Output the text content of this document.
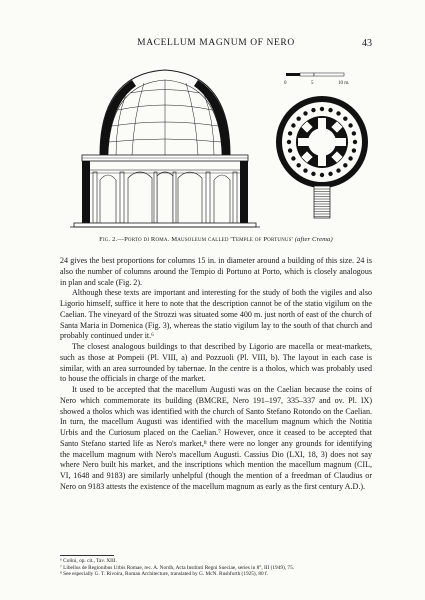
MACELLUM MAGNUM OF NERO	43
0	5	10 m.
Fig. 2.—Porto di Roma. Mausoleum called 'Temple of Portunus' (after Crema)

24 gives the best proportions for columns 15 in. in diameter around a building of this size. 24 is also the number of columns around the Tempio di Portuno at Porto, which is closely analogous in plan and scale (Fig. 2).

Although these texts are important and interesting for the study of both the vigiles and also Ligorio himself, suffice it here to note that the description cannot be of the statio vigilum on the Caelian. The vineyard of the Strozzi was situated some 400 m. just north of east of the church of Santa Maria in Domenica (Fig. 3), whereas the statio vigilum lay to the south of that church and probably continued under it.⁶

The closest analogous buildings to that described by Ligorio are macella or meat-markets, such as those at Pompeii (Pl. VIII, a) and Pozzuoli (Pl. VIII, b). The layout in each case is similar, with an area surrounded by tabernae. In the centre is a tholos, which was probably used to house the officials in charge of the market.

It used to be accepted that the macellum Augusti was on the Caelian because the coins of Nero which commemorate its building (BMCRE, Nero 191–197, 335–337 and ov. Pl. IX) showed a tholos which was identified with the church of Santo Stefano Rotondo on the Caelian. In turn, the macellum Augusti was identified with the macellum magnum which the Notitia Urbis and the Curiosum placed on the Caelian.⁷ However, once it ceased to be accepted that Santo Stefano started life as Nero's market,⁸ there were no longer any grounds for identifying the macellum magnum with Nero's macellum Augusti. Cassius Dio (LXI, 18, 3) does not say where Nero built his market, and the inscriptions which mention the macellum magnum (CIL, VI, 1648 and 9183) are similarly unhelpful (though the mention of a freedman of Claudius or Nero on 9183 attests the existence of the macellum magnum as early as the first century A.D.).

⁶ Colini, op. cit., Tav. XIII.
⁷ Libellus de Regionibus Urbis Romae, rec. A. Nordh, Acta Instituti Regni Sueciae, series in 8°, III (1949), 75.
⁸ See especially G. T. Rivoira, Roman Architecture, translated by G. McN. Rushforth (1925), 80 f.
